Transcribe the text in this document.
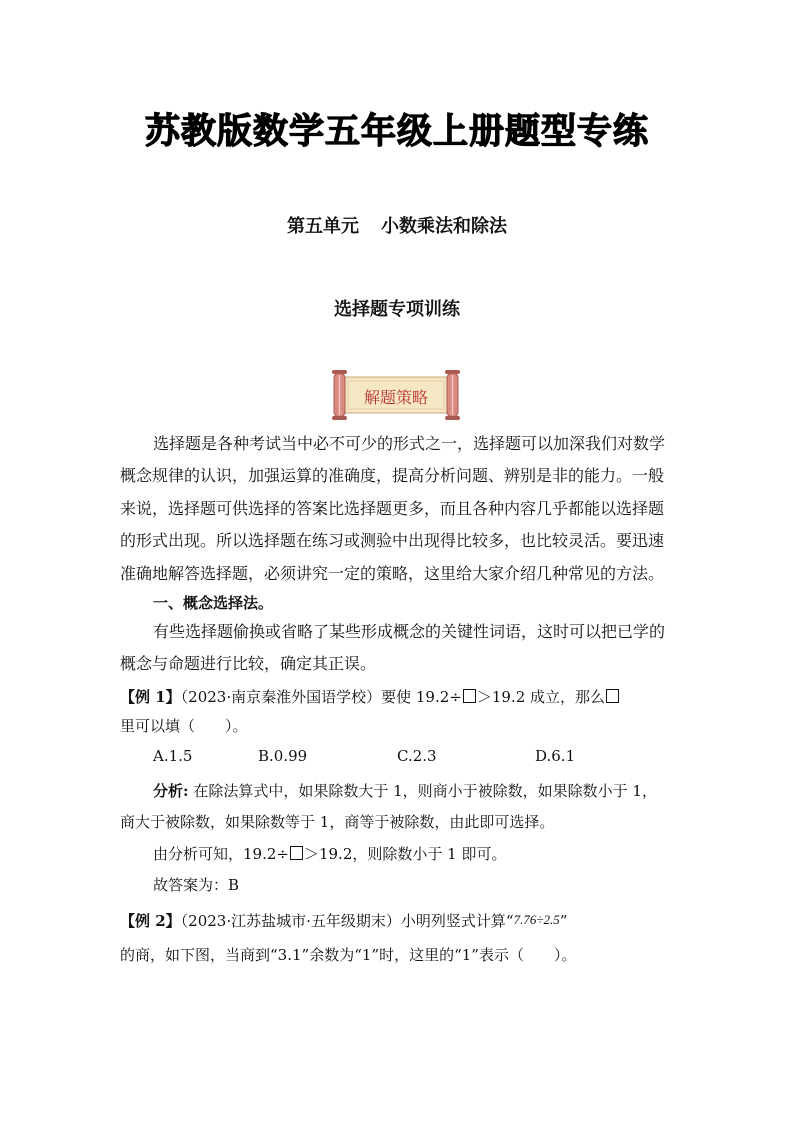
苏教版数学五年级上册题型专练
第五单元 小数乘法和除法
选择题专项训练
解题策略

选择题是各种考试当中必不可少的形式之一，选择题可以加深我们对数学概念规律的认识，加强运算的准确度，提高分析问题、辨别是非的能力。一般来说，选择题可供选择的答案比选择题更多，而且各种内容几乎都能以选择题的形式出现。所以选择题在练习或测验中出现得比较多，也比较灵活。要迅速准确地解答选择题，必须讲究一定的策略，这里给大家介绍几种常见的方法。

一、概念选择法。

有些选择题偷换或省略了某些形成概念的关键性词语，这时可以把已学的概念与命题进行比较，确定其正误。

【例 1】（2023·南京秦淮外国语学校）要使 19.2÷ ＞19.2 成立，那么
里可以填（　　）。
A.1.5	B.0.99	C.2.3	D.6.1
分析: 在除法算式中，如果除数大于 1，则商小于被除数，如果除数小于 1，
商大于被除数，如果除数等于 1，商等于被除数，由此即可选择。
由分析可知，19.2÷ ＞19.2，则除数小于 1 即可。
故答案为：B
【例 2】（2023·江苏盐城市·五年级期末）小明列竖式计算“7.76÷2.5”
的商，如下图，当商到“3.1”余数为“1”时，这里的“1”表示（　　）。
